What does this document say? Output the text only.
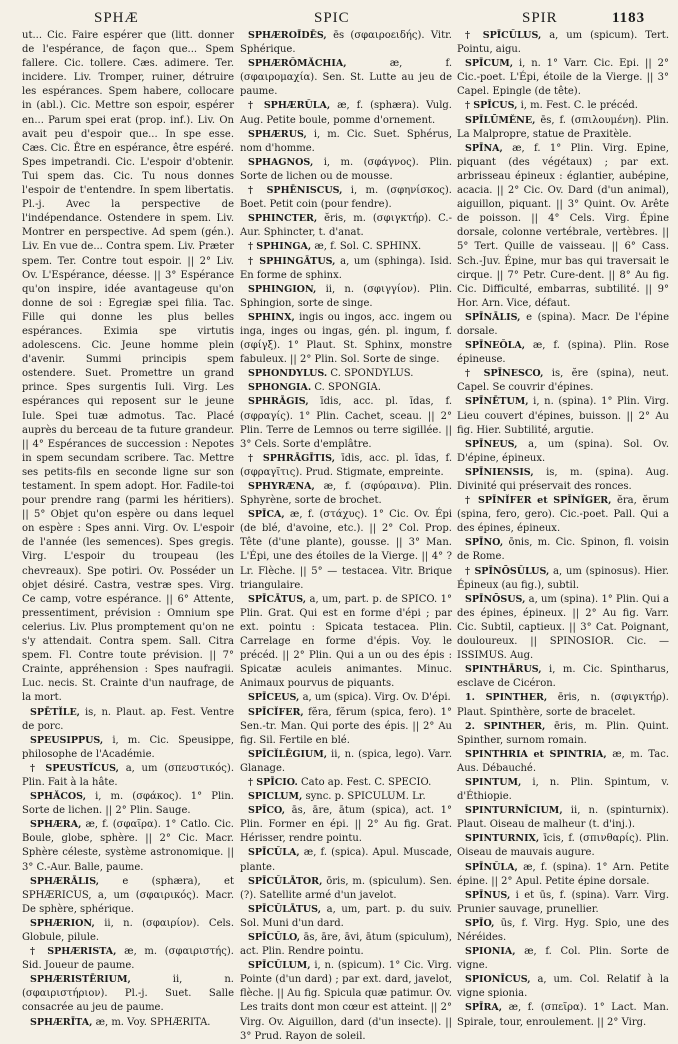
SPHÆ	SPIC	SPIR	1183

ut... Cic. Faire espérer que (litt. donner de l'espérance, de façon que... Spem fallere. Cic. tollere. Cæs. adimere. Ter. incidere. Liv. Tromper, ruiner, détruire les espérances. Spem habere, collocare in (abl.). Cic. Mettre son espoir, espérer en... Parum spei erat (prop. inf.). Liv. On avait peu d'espoir que... In spe esse. Cæs. Cic. Être en espérance, être espéré. Spes impetrandi. Cic. L'espoir d'obtenir. Tui spem das. Cic. Tu nous donnes l'espoir de t'entendre. In spem libertatis. Pl.-j. Avec la perspective de l'indépendance. Ostendere in spem. Liv. Montrer en perspective. Ad spem (gén.). Liv. En vue de... Contra spem. Liv. Præter spem. Ter. Contre tout espoir. || 2° Liv. Ov. L'Espérance, déesse. || 3° Espérance qu'on inspire, idée avantageuse qu'on donne de soi : Egregiæ spei filia. Tac. Fille qui donne les plus belles espérances. Eximia spe virtutis adolescens. Cic. Jeune homme plein d'avenir. Summi principis spem ostendere. Suet. Promettre un grand prince. Spes surgentis Iuli. Virg. Les espérances qui reposent sur le jeune Iule. Spei tuæ admotus. Tac. Placé auprès du berceau de ta future grandeur. || 4° Espérances de succession : Nepotes in spem secundam scribere. Tac. Mettre ses petits-fils en seconde ligne sur son testament. In spem adopt. Hor. Fadile-toi pour prendre rang (parmi les héritiers). || 5° Objet qu'on espère ou dans lequel on espère : Spes anni. Virg. Ov. L'espoir de l'année (les semences). Spes gregis. Virg. L'espoir du troupeau (les chevreaux). Spe potiri. Ov. Posséder un objet désiré. Castra, vestræ spes. Virg. Ce camp, votre espérance. || 6° Attente, pressentiment, prévision : Omnium spe celerius. Liv. Plus promptement qu'on ne s'y attendait. Contra spem. Sall. Citra spem. Fl. Contre toute prévision. || 7° Crainte, appréhension : Spes naufragii. Luc. necis. St. Crainte d'un naufrage, de la mort.

SPĒTĬLE, is, n. Plaut. ap. Fest. Ventre de porc.

SPEUSIPPUS, i, m. Cic. Speusippe, philosophe de l'Académie.

† SPEUSTĬCUS, a, um (σπευστικός). Plin. Fait à la hâte.

SPHĂCOS, i, m. (σφάκος). 1° Plin. Sorte de lichen. || 2° Plin. Sauge.

SPHÆRA, æ, f. (σφαῖρα). 1° Catlo. Cic. Boule, globe, sphère. || 2° Cic. Macr. Sphère céleste, système astronomique. || 3° C.-Aur. Balle, paume.

SPHÆRĀLIS, e (sphæra), et SPHÆRICUS, a, um (σφαιρικός). Macr. De sphère, sphérique.

SPHÆRION, ii, n. (σφαιρίον). Cels. Globule, pilule.

† SPHÆRISTA, æ, m. (σφαιριστής). Sid. Joueur de paume.

SPHÆRISTĒRIUM,	ii, n. (σφαιριστήριον). Pl.-j. Suet. Salle consacrée au jeu de paume.

SPHÆRĪTA, æ, m. Voy. SPHÆRITA.

SPHÆROĪDĒS, ēs (σφαιροειδής). Vitr. Sphérique.

SPHÆRŎMĂCHIA,	æ, f. (σφαιρομαχία). Sen. St. Lutte au jeu de paume.

† SPHÆRŬLA, æ, f. (sphæra). Vulg. Aug. Petite boule, pomme d'ornement.

SPHÆRUS, i, m. Cic. Suet. Sphérus, nom d'homme.

SPHAGNOS, i, m. (σφάγνος). Plin. Sorte de lichen ou de mousse.

† SPHĒNISCUS, i, m. (σφηνίσκος). Boet. Petit coin (pour fendre).

SPHINCTER, ĕris, m. (σφιγκτήρ). C.-Aur. Sphincter, t. d'anat.

† SPHINGA, æ, f. Sol. C. SPHINX.

† SPHINGĀTUS, a, um (sphinga). Isid. En forme de sphinx.

SPHINGION, ii, n. (σφιγγίον). Plin. Sphingion, sorte de singe.

SPHINX, ingis ou ingos, acc. ingem ou inga, inges ou ingas, gén. pl. ingum, f. (σφίγξ). 1° Plaut. St. Sphinx, monstre fabuleux. || 2° Plin. Sol. Sorte de singe.

SPHONDYLUS. C. SPONDYLUS.

SPHONGIA. C. SPONGIA.

SPHRĀGIS, īdis, acc. pl. īdas, f. (σφραγίς). 1° Plin. Cachet, sceau. || 2° Plin. Terre de Lemnos ou terre sigillée. || 3° Cels. Sorte d'emplâtre.

† SPHRĀGĪTIS, īdis, acc. pl. īdas, f. (σφραγῖτις). Prud. Stigmate, empreinte.

SPHYRÆNA, æ, f. (σφύραινα). Plin. Sphyrène, sorte de brochet.

SPĪCA, æ, f. (στάχυς). 1° Cic. Ov. Épi (de blé, d'avoine, etc.). || 2° Col. Prop. Tête (d'une plante), gousse. || 3° Man. L'Épi, une des étoiles de la Vierge. || 4° ? Lr. Flèche. || 5° — testacea. Vitr. Brique triangulaire.

SPĪCĀTUS, a, um, part. p. de SPICO. 1° Plin. Grat. Qui est en forme d'épi ; par ext. pointu : Spicata testacea. Plin. Carrelage en forme d'épis. Voy. le précéd. || 2° Plin. Qui a un ou des épis : Spicatæ aculeis animantes. Minuc. Animaux pourvus de piquants.

SPĪCEUS, a, um (spica). Virg. Ov. D'épi.

SPĪCĬFER, fĕra, fĕrum (spica, fero). 1° Sen.-tr. Man. Qui porte des épis. || 2° Au fig. Sil. Fertile en blé.

SPĪCĬLĒGIUM, ii, n. (spica, lego). Varr. Glanage.

† SPĪCIO. Cato ap. Fest. C. SPECIO.

SPICLUM, sync. p. SPICULUM. Lr.

SPĪCO, ās, āre, ātum (spica), act. 1° Plin. Former en épi. || 2° Au fig. Grat. Hérisser, rendre pointu.

SPĪCŬLA, æ, f. (spica). Apul. Muscade, plante.

SPĪCŬLĀTOR, ōris, m. (spiculum). Sen. (?). Satellite armé d'un javelot.

SPĪCŬLĀTUS, a, um, part. p. du suiv. Sol. Muni d'un dard.

SPĪCŬLO, ās, āre, āvi, ātum (spiculum), act. Plin. Rendre pointu.

SPĪCŬLUM, i, n. (spicum). 1° Cic. Virg. Pointe (d'un dard) ; par ext. dard, javelot, flèche. || Au fig. Spicula quæ patimur. Ov. Les traits dont mon cœur est atteint. || 2° Virg. Ov. Aiguillon, dard (d'un insecte). || 3° Prud. Rayon de soleil.

† SPĪCŬLUS, a, um (spicum). Tert. Pointu, aigu.

SPĪCUM, i, n. 1° Varr. Cic. Epi. || 2° Cic.-poet. L'Épi, étoile de la Vierge. || 3° Capel. Epingle (de tête).

† SPĪCUS, i, m. Fest. C. le précéd.

SPĪLŪMĔNE, ēs, f. (σπιλουμένη). Plin. La Malpropre, statue de Praxitèle.

SPĪNA, æ, f. 1° Plin. Virg. Epine, piquant (des végétaux) ; par ext. arbrisseau épineux : églantier, aubépine, acacia. || 2° Cic. Ov. Dard (d'un animal), aiguillon, piquant. || 3° Quint. Ov. Arête de poisson. || 4° Cels. Virg. Épine dorsale, colonne vertébrale, vertèbres. || 5° Tert. Quille de vaisseau. || 6° Cass. Sch.-Juv. Épine, mur bas qui traversait le cirque. || 7° Petr. Cure-dent. || 8° Au fig. Cic. Difficulté, embarras, subtilité. || 9° Hor. Arn. Vice, défaut.

SPĪNĀLIS, e (spina). Macr. De l'épine dorsale.

SPĪNEŎLA, æ, f. (spina). Plin. Rose épineuse.

† SPĪNESCO, is, ĕre (spina), neut. Capel. Se couvrir d'épines.

SPĪNĒTUM, i, n. (spina). 1° Plin. Virg. Lieu couvert d'épines, buisson. || 2° Au fig. Hier. Subtilité, argutie.

SPĪNEUS, a, um (spina). Sol. Ov. D'épine, épineux.

SPĪNIENSIS, is, m. (spina). Aug. Divinité qui préservait des ronces.

† SPĪNĬFER et SPĪNĬGER, ĕra, ĕrum (spina, fero, gero). Cic.-poet. Pall. Qui a des épines, épineux.

SPĪNO, ōnis, m. Cic. Spinon, fl. voisin de Rome.

† SPĪNŌSŬLUS, a, um (spinosus). Hier. Épineux (au fig.), subtil.

SPĪNŌSUS, a, um (spina). 1° Plin. Qui a des épines, épineux. || 2° Au fig. Varr. Cic. Subtil, captieux. || 3° Cat. Poignant, douloureux. || SPINOSIOR. Cic. — ISSIMUS. Aug.

SPINTHĀRUS, i, m. Cic. Spintharus, esclave de Cicéron.

1. SPINTHER, ēris, n. (σφιγκτήρ). Plaut. Spinthère, sorte de bracelet.

2. SPINTHER, ēris, m. Plin. Quint. Spinther, surnom romain.

SPINTHRIA et SPINTRIA, æ, m. Tac. Aus. Débauché.

SPINTUM, i, n. Plin. Spintum, v. d'Éthiopie.

SPINTURNĪCIUM, ii, n. (spinturnix). Plaut. Oiseau de malheur (t. d'inj.).

SPINTURNIX, īcis, f. (σπινθαρίς). Plin. Oiseau de mauvais augure.

SPĪNŬLA, æ, f. (spina). 1° Arn. Petite épine. || 2° Apul. Petite épine dorsale.

SPĪNUS, i et ūs, f. (spina). Varr. Virg. Prunier sauvage, prunellier.

SPĪO, ūs, f. Virg. Hyg. Spio, une des Néréides.

SPIONIA, æ, f. Col. Plin. Sorte de vigne.

SPIONĪCUS, a, um. Col. Relatif à la vigne spionia.

SPĪRA, æ, f. (σπεῖρα). 1° Lact. Man. Spirale, tour, enroulement. || 2° Virg.
